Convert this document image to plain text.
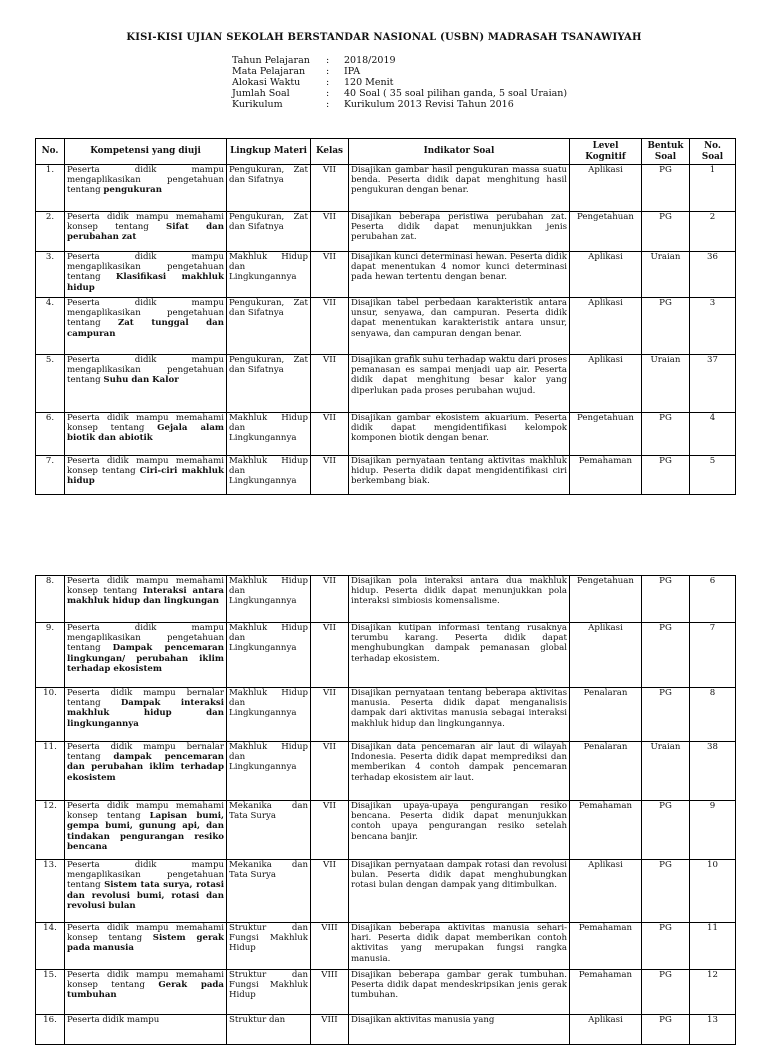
KISI-KISI UJIAN SEKOLAH BERSTANDAR NASIONAL (USBN) MADRASAH TSANAWIYAH
Tahun Pelajaran	:	2018/2019
Mata Pelajaran	:	IPA
Alokasi Waktu	:	120 Menit
Jumlah Soal	:	40 Soal ( 35 soal pilihan ganda, 5 soal Uraian)
Kurikulum	:	Kurikulum 2013 Revisi Tahun 2016
No.	Kompetensi yang diuji	Lingkup Materi	Kelas	Indikator Soal	Level Kognitif	Bentuk Soal	No. Soal
1.	Peserta didik mampu mengaplikasikan pengetahuan tentang pengukuran	Pengukuran, Zat dan Sifatnya	VII	Disajikan gambar hasil pengukuran massa suatu benda. Peserta didik dapat menghitung hasil pengukuran dengan benar.	Aplikasi	PG	1
2.	Peserta didik mampu memahami konsep tentang Sifat dan perubahan zat	Pengukuran, Zat dan Sifatnya	VII	Disajikan beberapa peristiwa perubahan zat. Peserta didik dapat menunjukkan jenis perubahan zat.	Pengetahuan	PG	2
3.	Peserta didik mampu mengaplikasikan pengetahuan tentang Klasifikasi makhluk hidup	Makhluk Hidup dan Lingkungannya	VII	Disajikan kunci determinasi hewan. Peserta didik dapat menentukan 4 nomor kunci determinasi pada hewan tertentu dengan benar.	Aplikasi	Uraian	36
4.	Peserta didik mampu mengaplikasikan pengetahuan tentang Zat tunggal dan campuran	Pengukuran, Zat dan Sifatnya	VII	Disajikan tabel perbedaan karakteristik antara unsur, senyawa, dan campuran. Peserta didik dapat menentukan karakteristik antara unsur, senyawa, dan campuran dengan benar.	Aplikasi	PG	3
5.	Peserta didik mampu mengaplikasikan pengetahuan tentang Suhu dan Kalor	Pengukuran, Zat dan Sifatnya	VII	Disajikan grafik suhu terhadap waktu dari proses pemanasan es sampai menjadi uap air. Peserta didik dapat menghitung besar kalor yang diperlukan pada proses perubahan wujud.	Aplikasi	Uraian	37
6.	Peserta didik mampu memahami konsep tentang Gejala alam biotik dan abiotik	Makhluk Hidup dan Lingkungannya	VII	Disajikan gambar ekosistem akuarium. Peserta didik dapat mengidentifikasi kelompok komponen biotik dengan benar.	Pengetahuan	PG	4
7.	Peserta didik mampu memahami konsep tentang Ciri-ciri makhluk hidup	Makhluk Hidup dan Lingkungannya	VII	Disajikan pernyataan tentang aktivitas makhluk hidup. Peserta didik dapat mengidentifikasi ciri berkembang biak.	Pemahaman	PG	5
8.	Peserta didik mampu memahami konsep tentang Interaksi antara makhluk hidup dan lingkungan	Makhluk Hidup dan Lingkungannya	VII	Disajikan pola interaksi antara dua makhluk hidup. Peserta didik dapat menunjukkan pola interaksi simbiosis komensalisme.	Pengetahuan	PG	6
9.	Peserta didik mampu mengaplikasikan pengetahuan tentang Dampak pencemaran lingkungan/ perubahan iklim terhadap ekosistem	Makhluk Hidup dan Lingkungannya	VII	Disajikan kutipan informasi tentang rusaknya terumbu karang. Peserta didik dapat menghubungkan dampak pemanasan global terhadap ekosistem.	Aplikasi	PG	7
10.	Peserta didik mampu bernalar tentang Dampak interaksi makhluk hidup dan lingkungannya	Makhluk Hidup dan Lingkungannya	VII	Disajikan pernyataan tentang beberapa aktivitas manusia. Peserta didik dapat menganalisis dampak dari aktivitas manusia sebagai interaksi makhluk hidup dan lingkungannya.	Penalaran	PG	8
11.	Peserta didik mampu bernalar tentang dampak pencemaran dan perubahan iklim terhadap ekosistem	Makhluk Hidup dan Lingkungannya	VII	Disajikan data pencemaran air laut di wilayah Indonesia. Peserta didik dapat memprediksi dan memberikan 4 contoh dampak pencemaran terhadap ekosistem air laut.	Penalaran	Uraian	38
12.	Peserta didik mampu memahami konsep tentang Lapisan bumi, gempa bumi, gunung api, dan tindakan pengurangan resiko bencana	Mekanika dan Tata Surya	VII	Disajikan upaya-upaya pengurangan resiko bencana. Peserta didik dapat menunjukkan contoh upaya pengurangan resiko setelah bencana banjir.	Pemahaman	PG	9
13.	Peserta didik mampu mengaplikasikan pengetahuan tentang Sistem tata surya, rotasi dan revolusi bumi, rotasi dan revolusi bulan	Mekanika dan Tata Surya	VII	Disajikan pernyataan dampak rotasi dan revolusi bulan. Peserta didik dapat menghubungkan rotasi bulan dengan dampak yang ditimbulkan.	Aplikasi	PG	10
14.	Peserta didik mampu memahami konsep tentang Sistem gerak pada manusia	Struktur dan Fungsi Makhluk Hidup	VIII	Disajikan beberapa aktivitas manusia sehari-hari. Peserta didik dapat memberikan contoh aktivitas yang merupakan fungsi rangka manusia.	Pemahaman	PG	11
15.	Peserta didik mampu memahami konsep tentang Gerak pada tumbuhan	Struktur dan Fungsi Makhluk Hidup	VIII	Disajikan beberapa gambar gerak tumbuhan. Peserta didik dapat mendeskripsikan jenis gerak tumbuhan.	Pemahaman	PG	12
16.	Peserta didik mampu	Struktur dan	VIII	Disajikan aktivitas manusia yang	Aplikasi	PG	13
